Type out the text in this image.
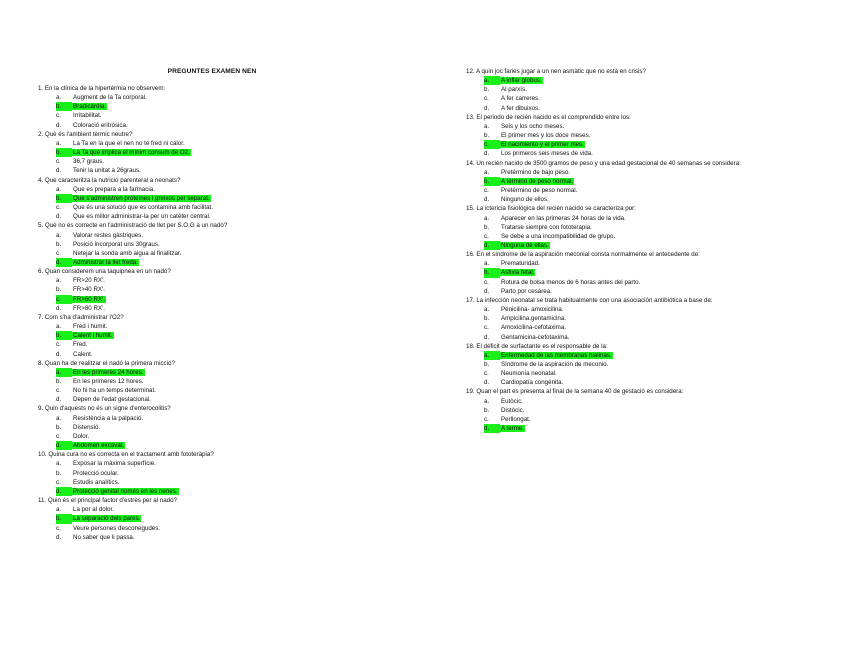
PREGUNTES EXAMEN NEN
1. En la clínica de la hipertèrmia no observem:
a. Augment de la Ta corporal.
b. Bradicàrdia.
c. Irritabilitat.
d. Coloració eritròsica.
2. Què és l'ambient tèrmic neutre?
a. La Ta en la que el nen no té fred ni calor.
b. La Ta que implica el mínim consum de O2.
c. 36,7 graus.
d. Tenir la unitat a 26graus.
4. Que caracteritza la nutrició parenteral a neonats?
a. Que es prepara a la farmacia.
b. Que s'administren proteïnes i greixos per separat.
c. Que és una solució que es contamina amb facilitat.
d. Que es millor administrar-la per un catèter central.
5. Què no és correcte en l'administració de llet per S.O.G a un nadó?
a. Valorar restes gàstriques.
b. Posició incorporat uns 30graus.
c. Netejar la sonda amb aigua al finalitzar.
d. Administrar la llet freda.
6. Quan considerem una taquipnea en un nadó?
a. FR>20 RX'.
b. FR>40 RX'.
c. FR>60 RX'.
d. FR>80 RX'.
7. Com s'ha d'administrar l'O2?
a. Fred i humit.
b. Calent i humit.
c. Fred.
d. Calent.
8. Quan ha de realitzar el nadó la primera micció?
a. En les primeres 24 hores.
b. En les primeres 12 hores.
c. No hi ha un temps determinat.
d. Depen de l'edat gestacional.
9. Quin d'aquests no és un signe d'enterocolitis?
a. Resistència a la palpació.
b. Distensió.
c. Dolor.
d. Abdomen excavat.
10. Quina cura no es correcta en el tractament amb fototeràpia?
a. Exposar la màxima superfície.
b. Protecció ocular.
c. Estudis analítics.
d. Protecció genital només en les nenes.
11. Quin és el principal factor d'estrès per al nadó?
a. La por al dolor.
b. La separació dels pares.
c. Veure persones desconegudes.
d. No saber que li passa.
12. A quin joc faries jugar a un nen asmàtic que no està en crisis?
a. A inflar globus.
b. Al parxís.
c. A fer carreres.
d. A fer dibuixos.
13. El periodo de recién nacido es el comprendido entre los:
a. Seis y los ocho meses.
b. El primer mes y los doce meses.
c. El nacimiento y el primer mes.
d. Los primeros seis meses de vida.
14. Un recién nacido de 3500 gramos de peso y una edad gestacional de 40 semanas se considera:
a. Pretérmino de bajo peso.
b. A término de peso normal.
c. Pretérmino de peso normal.
d. Ninguno de ellos.
15. La ictericia fisiológica del recién nacido se caracteriza por:
a. Aparecer en las primeras 24 horas de la vida.
b. Tratarse siempre con fototerapia.
c. Se debe a una incompatibilidad de grupo.
d. Ninguna de ellas.
16. En el síndrome de la aspiración meconial consta normalmente el antecedente de:
a. Prematuridad.
b. Asfixia fetal.
c. Rotura de bolsa menos de 6 horas antes del parto.
d. Parto por cesárea.
17. La infección neonatal se trata habitualmente con una asociación antibiótica a base de:
a. Penicilina- amoxicilina.
b. Ampicilina.gentamicina.
c. Amoxicilina-cefotaxima.
d. Gentamicina-cefotaxima.
18. El déficit de surfactante es el responsable de la:
a. Enfermedad de las membranas hialinas.
b. Síndrome de la aspiración de meconio.
c. Neumonía neonatal.
d. Cardiopatía congénita.
19. Quan el part es presenta al final de la semana 40 de gestació es considera:
a. Eutòcic.
b. Distòcic.
c. Perllongat.
d. A terme.
